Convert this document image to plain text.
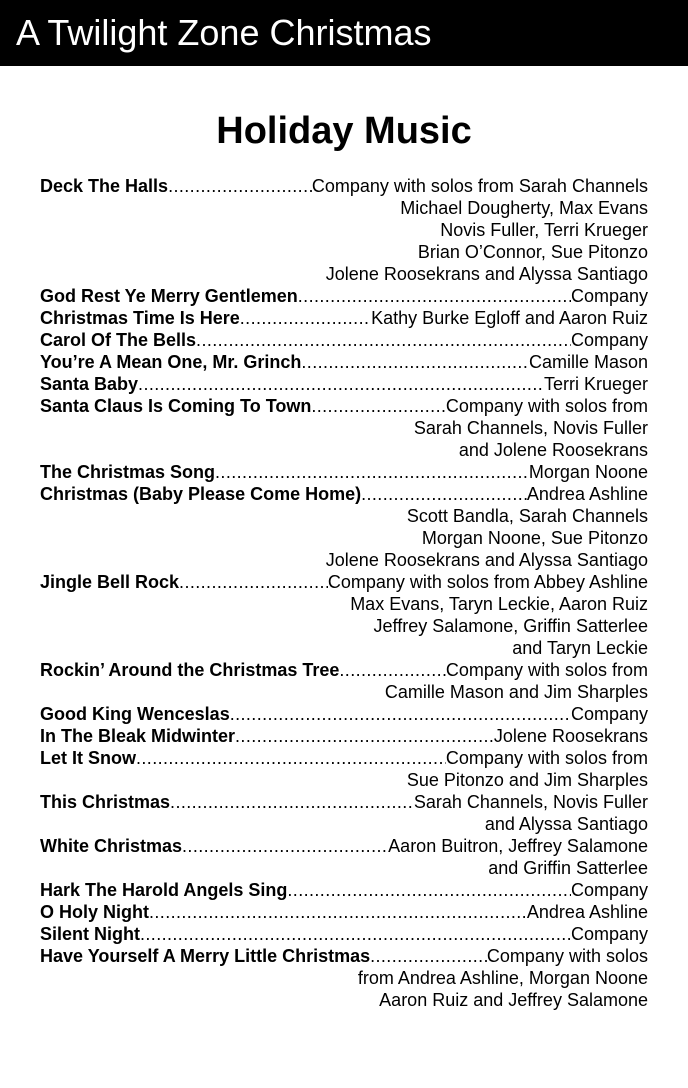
A Twilight Zone Christmas
Holiday Music
Deck The Halls .....	Company with solos from Sarah Channels
Michael Dougherty, Max Evans
Novis Fuller, Terri Krueger
Brian O’Connor, Sue Pitonzo
Jolene Roosekrans and Alyssa Santiago
God Rest Ye Merry Gentlemen .....	Company
Christmas Time Is Here .....	Kathy Burke Egloff and Aaron Ruiz
Carol Of The Bells .....	Company
You’re A Mean One, Mr. Grinch .....	Camille Mason
Santa Baby .....	Terri Krueger
Santa Claus Is Coming To Town .....	Company with solos from
Sarah Channels, Novis Fuller
and Jolene Roosekrans
The Christmas Song .....	Morgan Noone
Christmas (Baby Please Come Home) .....	Andrea Ashline
Scott Bandla, Sarah Channels
Morgan Noone, Sue Pitonzo
Jolene Roosekrans and Alyssa Santiago
Jingle Bell Rock .....	Company with solos from Abbey Ashline
Max Evans, Taryn Leckie, Aaron Ruiz
Jeffrey Salamone, Griffin Satterlee
and Taryn Leckie
Rockin’ Around the Christmas Tree .....	Company with solos from
Camille Mason and Jim Sharples
Good King Wenceslas .....	Company
In The Bleak Midwinter .....	Jolene Roosekrans
Let It Snow .....	Company with solos from
Sue Pitonzo and Jim Sharples
This Christmas .....	Sarah Channels, Novis Fuller
and Alyssa Santiago
White Christmas .....	Aaron Buitron, Jeffrey Salamone
and Griffin Satterlee
Hark The Harold Angels Sing .....	Company
O Holy Night .....	Andrea Ashline
Silent Night .....	Company
Have Yourself A Merry Little Christmas .....	Company with solos
from Andrea Ashline, Morgan Noone
Aaron Ruiz and Jeffrey Salamone
